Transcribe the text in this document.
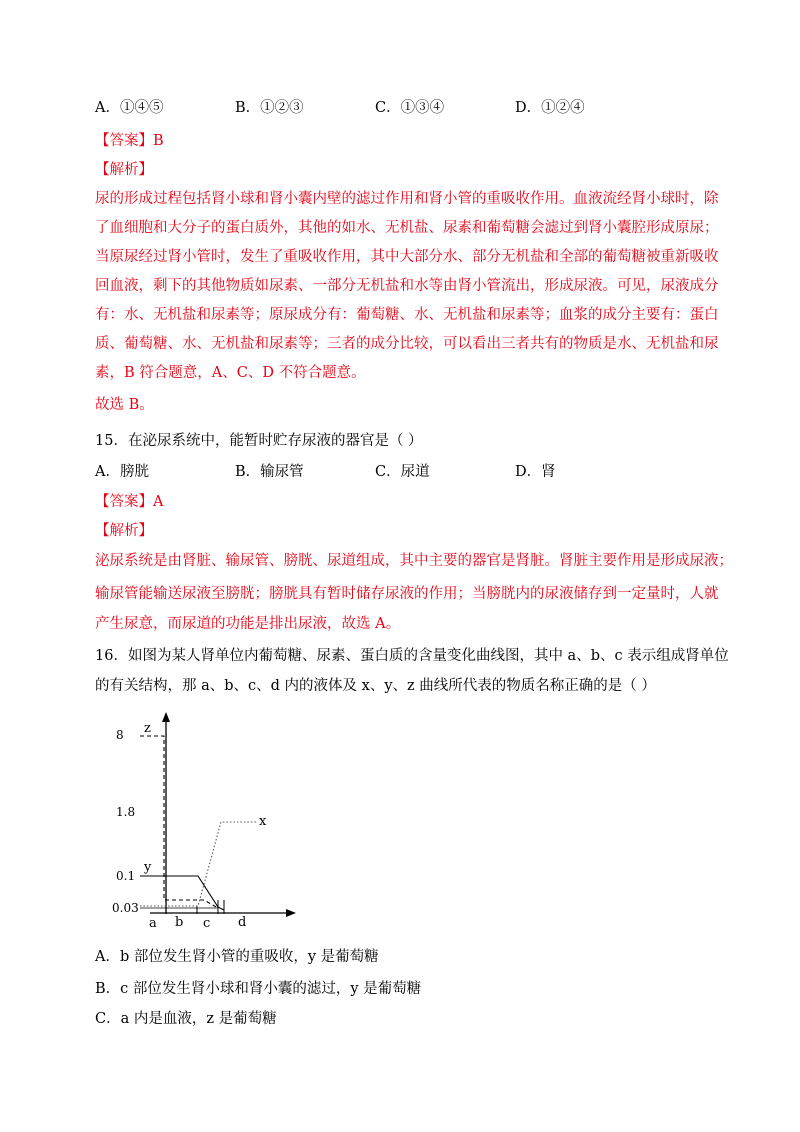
A．①④⑤	B．①②③	C．①③④	D．①②④
【答案】B
【解析】
尿的形成过程包括肾小球和肾小囊内壁的滤过作用和肾小管的重吸收作用。血液流经肾小球时，除
了血细胞和大分子的蛋白质外，其他的如水、无机盐、尿素和葡萄糖会滤过到肾小囊腔形成原尿；
当原尿经过肾小管时，发生了重吸收作用，其中大部分水、部分无机盐和全部的葡萄糖被重新吸收
回血液，剩下的其他物质如尿素、一部分无机盐和水等由肾小管流出，形成尿液。可见，尿液成分
有：水、无机盐和尿素等；原尿成分有：葡萄糖、水、无机盐和尿素等；血浆的成分主要有：蛋白
质、葡萄糖、水、无机盐和尿素等；三者的成分比较，可以看出三者共有的物质是水、无机盐和尿
素，B 符合题意，A、C、D 不符合题意。
故选 B。
15．在泌尿系统中，能暂时贮存尿液的器官是（ ）
A．膀胱	B．输尿管	C．尿道	D．肾
【答案】A
【解析】
泌尿系统是由肾脏、输尿管、膀胱、尿道组成，其中主要的器官是肾脏。肾脏主要作用是形成尿液；
输尿管能输送尿液至膀胱；膀胱具有暂时储存尿液的作用；当膀胱内的尿液储存到一定量时，人就
产生尿意，而尿道的功能是排出尿液，故选 A。
16．如图为某人肾单位内葡萄糖、尿素、蛋白质的含量变化曲线图，其中 a、b、c 表示组成肾单位
的有关结构，那 a、b、c、d 内的液体及 x、y、z 曲线所代表的物质名称正确的是（ ）
8
1.8
0.1
0.03
a b c d
z
y
x
A．b 部位发生肾小管的重吸收，y 是葡萄糖
B．c 部位发生肾小球和肾小囊的滤过，y 是葡萄糖
C．a 内是血液，z 是葡萄糖
